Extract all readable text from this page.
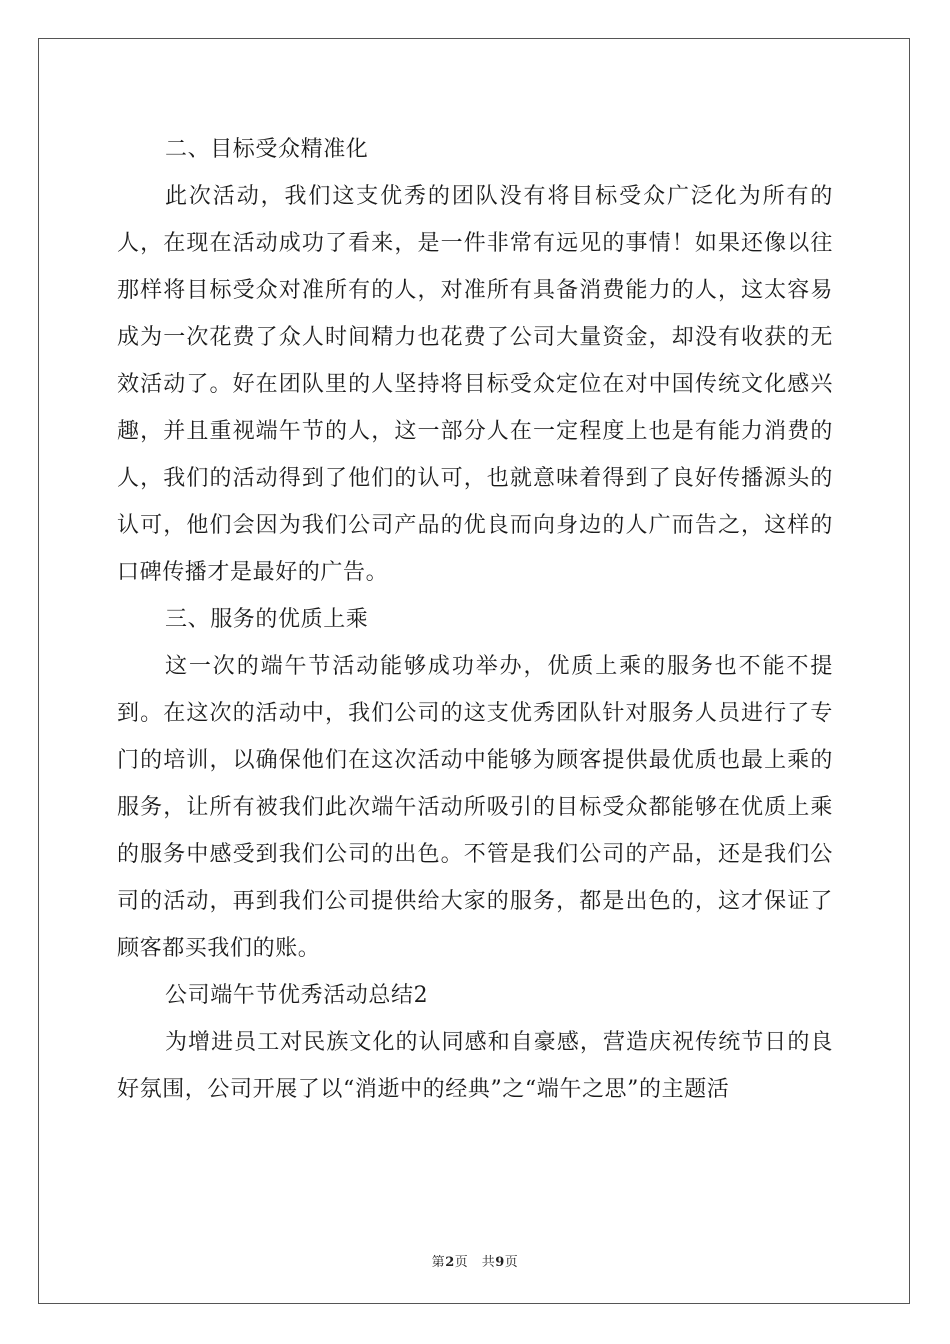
二、目标受众精准化

此次活动，我们这支优秀的团队没有将目标受众广泛化为所有的人，在现在活动成功了看来，是一件非常有远见的事情！如果还像以往那样将目标受众对准所有的人，对准所有具备消费能力的人，这太容易成为一次花费了众人时间精力也花费了公司大量资金，却没有收获的无效活动了。好在团队里的人坚持将目标受众定位在对中国传统文化感兴趣，并且重视端午节的人，这一部分人在一定程度上也是有能力消费的人，我们的活动得到了他们的认可，也就意味着得到了良好传播源头的认可，他们会因为我们公司产品的优良而向身边的人广而告之，这样的口碑传播才是最好的广告。

三、服务的优质上乘

这一次的端午节活动能够成功举办，优质上乘的服务也不能不提到。在这次的活动中，我们公司的这支优秀团队针对服务人员进行了专门的培训，以确保他们在这次活动中能够为顾客提供最优质也最上乘的服务，让所有被我们此次端午活动所吸引的目标受众都能够在优质上乘的服务中感受到我们公司的出色。不管是我们公司的产品，还是我们公司的活动，再到我们公司提供给大家的服务，都是出色的，这才保证了顾客都买我们的账。

公司端午节优秀活动总结2

为增进员工对民族文化的认同感和自豪感，营造庆祝传统节日的良好氛围，公司开展了以“消逝中的经典”之“端午之思”的主题活

第2页　共9页
